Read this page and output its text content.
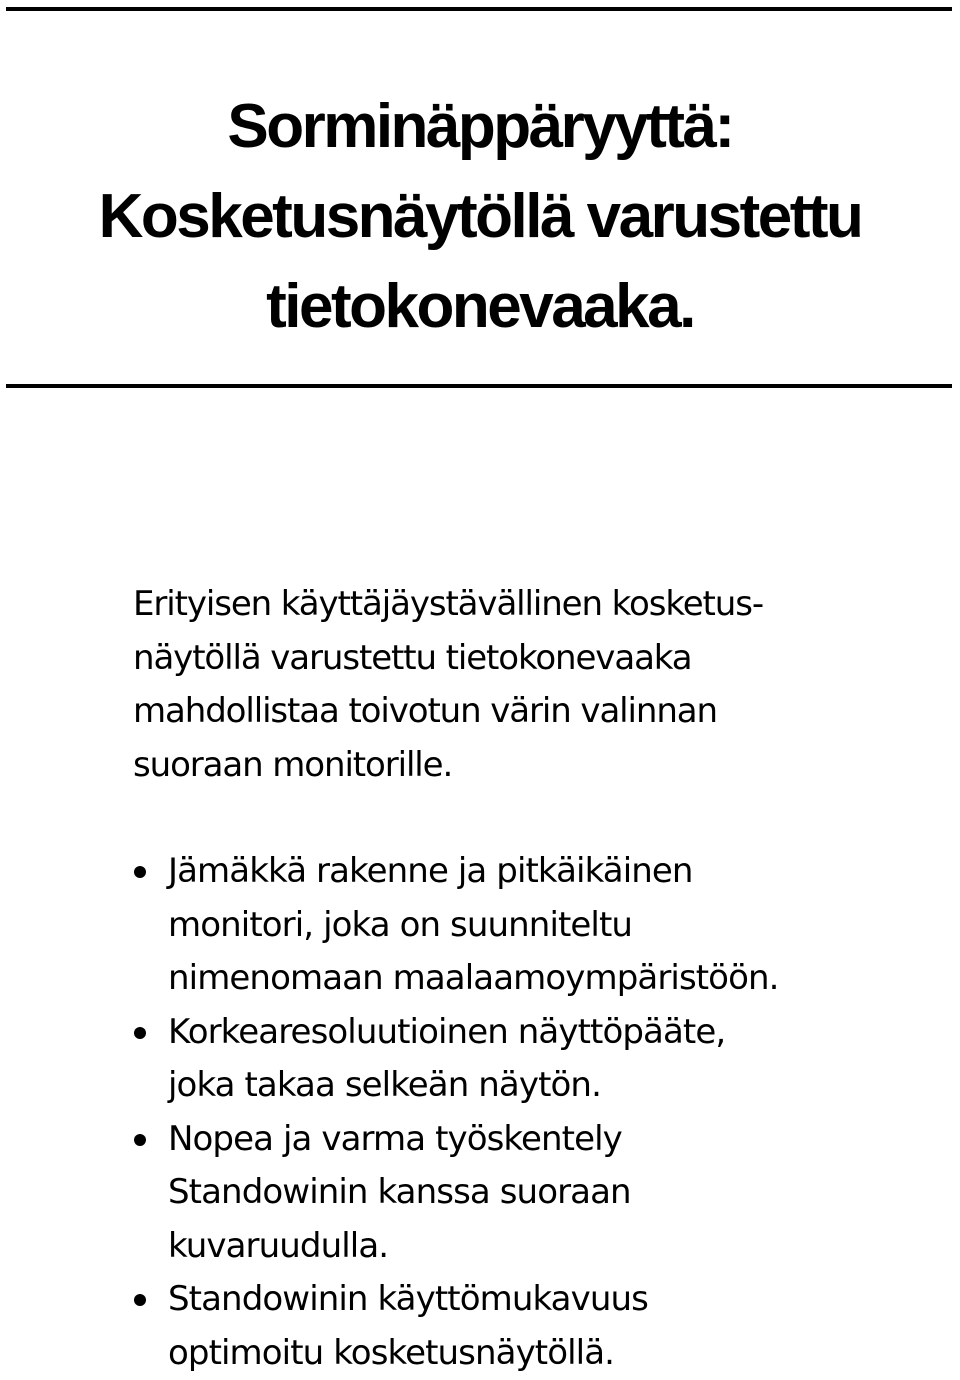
Sorminäppäryyttä:
Kosketusnäytöllä varustettu
tietokonevaaka.

Erityisen käyttäjäystävällinen kosketus-
näytöllä varustettu tietokonevaaka
mahdollistaa toivotun värin valinnan
suoraan monitorille.

Jämäkkä rakenne ja pitkäikäinen
monitori, joka on suunniteltu
nimenomaan maalaamoympäristöön.
Korkearesoluutioinen näyttöpääte,
joka takaa selkeän näytön.
Nopea ja varma työskentely
Standowinin kanssa suoraan
kuvaruudulla.
Standowinin käyttömukavuus
optimoitu kosketusnäytöllä.
